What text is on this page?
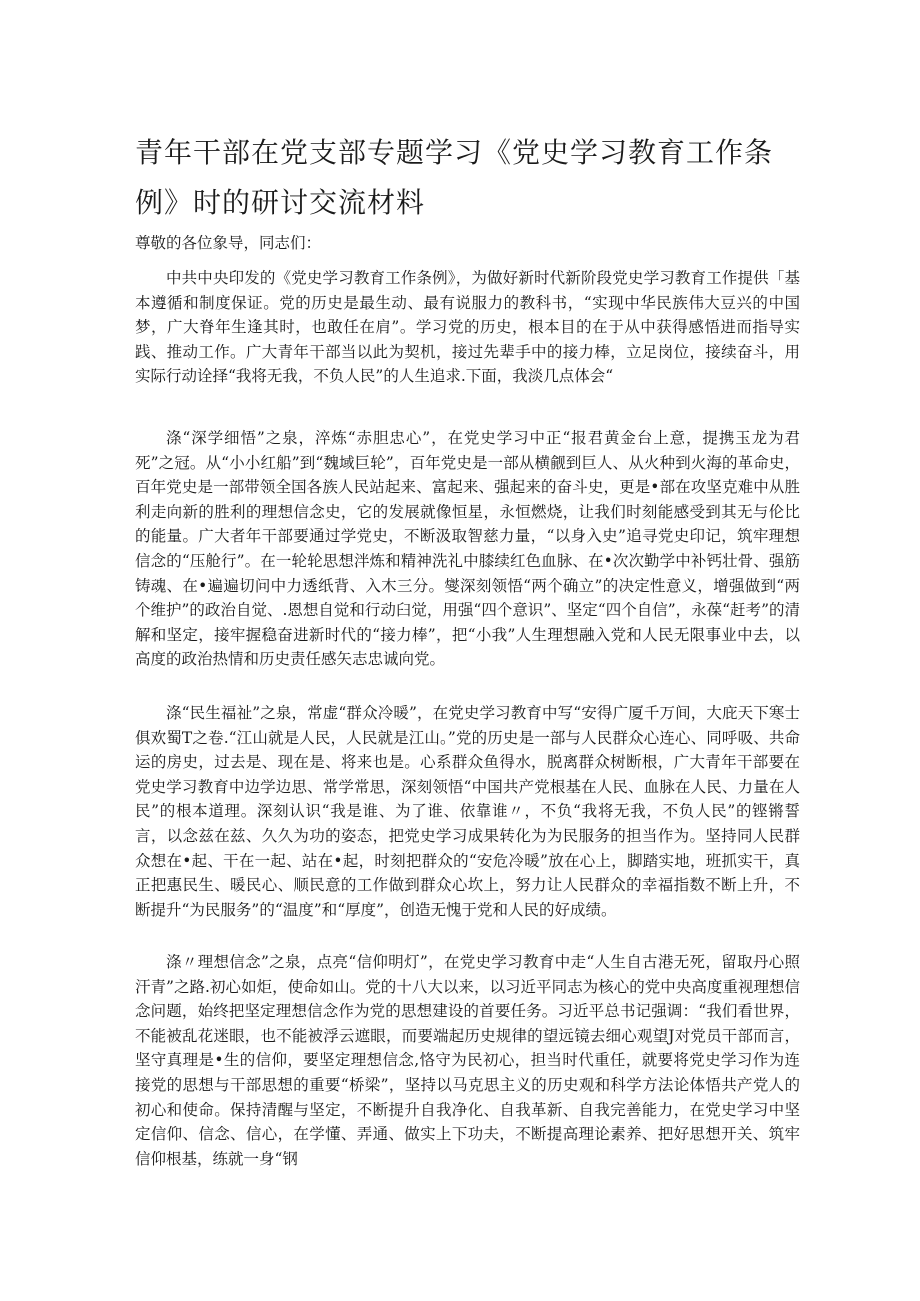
青年干部在党支部专题学习《党史学习教育工作条例》时的研讨交流材料

尊敬的各位象导，同志们：

中共中央印发的《党史学习教育工作条例》，为做好新时代新阶段党史学习教育工作提供「基本遵循和制度保证。党的历史是最生动、最有说服力的教科书，“实现中华民族伟大豆兴的中国梦，广大脊年生逢其时，也敢任在肩”。学习党的历史，根本目的在于从中获得感悟进而指导实践、推动工作。广大青年干部当以此为契机，接过先辈手中的接力棒，立足岗位，接续奋斗，用实际行动诠择“我将无我，不负人民”的人生追求.下面，我淡几点体会“

涤“深学细悟”之泉，淬炼“赤胆忠心”，在党史学习中正“报君黄金台上意，提携玉龙为君死”之冠。从“小小红船”到“魏域巨轮”，百年党史是一部从横觎到巨人、从火种到火海的革命史，百年党史是一部带领全国各族人民站起来、富起来、强起来的奋斗史，更是•部在攻坚克难中从胜利走向新的胜利的理想信念史，它的发展就像恒星，永恒燃烧，让我们时刻能感受到其无与伦比的能量。广大者年干部要通过学党史，不断汲取智慈力量，“以身入史”追寻党史印记，筑牢理想信念的“压舱行”。在一轮轮思想泮炼和精神洗礼中膝续红色血脉、在•次次勤学中补钙壮骨、强筋铸魂、在•遍遍切问中力透纸背、入木三分。燮深刻领悟“两个确立”的决定性意义，增强做到“两个维护”的政治自觉、.恩想自觉和行动臼觉，用强“四个意识”、坚定“四个自信”，永葆“赶考”的清解和坚定，接牢握稳奋进新时代的“接力棒”，把“小我”人生理想融入党和人民无限事业中去，以高度的政治热情和历史责任感矢志忠诚向党。

涤“民生福祉”之泉，常虚“群众冷暖”，在党史学习教育中写“安得广厦千万间，大庇天下寒士俱欢蜀T之卷.“江山就是人民，人民就是江山。”党的历史是一部与人民群众心连心、同呼吸、共命运的房史，过去是、现在是、将来也是。心系群众鱼得水，脱离群众树断根，广大青年干部要在党史学习教育中边学边思、常学常思，深刻领悟“中国共产党根基在人民、血脉在人民、力量在人民”的根本道理。深刻认识“我是谁、为了谁、依靠谁〃，不负“我将无我，不负人民”的铿锵誓言，以念兹在兹、久久为功的姿态，把党史学习成果转化为为民服务的担当作为。坚持同人民群众想在•起、干在一起、站在•起，时刻把群众的“安危冷暖”放在心上，脚踏实地，班抓实干，真正把惠民生、暖民心、顺民意的工作做到群众心坎上，努力让人民群众的幸福指数不断上升，不断提升“为民服务”的“温度”和“厚度”，创造无愧于党和人民的好成绩。

涤〃理想信念”之泉，点亮“信仰明灯”，在党史学习教育中走“人生自古港无死，留取丹心照汗青”之路.初心如炬，使命如山。党的十八大以来，以习近平同志为核心的党中央高度重视理想信念问题，始终把坚定理想信念作为党的思想建设的首要任务。习近平总书记强调：“我们看世界，不能被乱花迷眼，也不能被浮云遮眼，而要端起历史规律的望远镜去细心观望J对党员干部而言，坚守真理是•生的信仰，要坚定理想信念,恪守为民初心，担当时代重任，就要将党史学习作为连接党的思想与干部思想的重要“桥梁”，坚持以马克思主义的历史观和科学方法论体悟共产党人的初心和使命。保持清醒与坚定，不断提升自我净化、自我革新、自我完善能力，在党史学习中坚定信仰、信念、信心，在学懂、弄通、做实上下功夫，不断提高理论素养、把好思想开关、筑牢信仰根基，练就一身“钢
